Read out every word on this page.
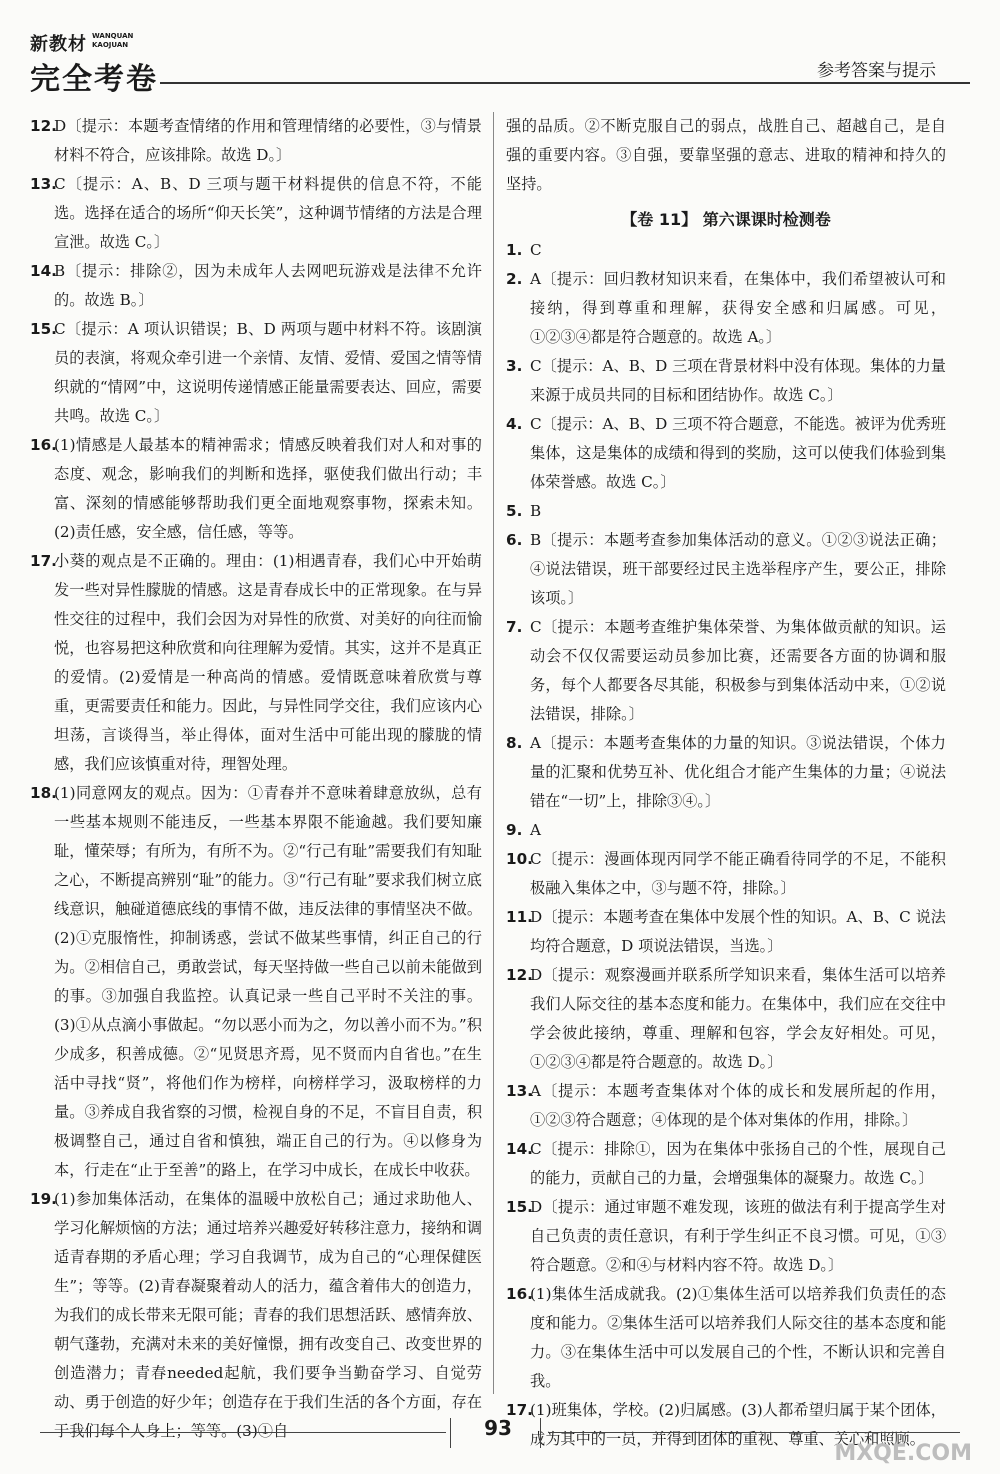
新教材 WANQUAN KAOJUAN
完全考卷	参考答案与提示
12.
D〔提示：本题考查情绪的作用和管理情绪的必要性，③与情景材料不符合，应该排除。故选 D。〕
13.
C〔提示：A、B、D 三项与题干材料提供的信息不符，不能选。选择在适合的场所“仰天长笑”，这种调节情绪的方法是合理宣泄。故选 C。〕
14.
B〔提示：排除②，因为未成年人去网吧玩游戏是法律不允许的。故选 B。〕
15.
C〔提示：A 项认识错误；B、D 两项与题中材料不符。该剧演员的表演，将观众牵引进一个亲情、友情、爱情、爱国之情等情织就的“情网”中，这说明传递情感正能量需要表达、回应，需要共鸣。故选 C。〕
16.
(1)情感是人最基本的精神需求；情感反映着我们对人和对事的态度、观念，影响我们的判断和选择，驱使我们做出行动；丰富、深刻的情感能够帮助我们更全面地观察事物，探索未知。(2)责任感，安全感，信任感，等等。
17.
小葵的观点是不正确的。理由：(1)相遇青春，我们心中开始萌发一些对异性朦胧的情感。这是青春成长中的正常现象。在与异性交往的过程中，我们会因为对异性的欣赏、对美好的向往而愉悦，也容易把这种欣赏和向往理解为爱情。其实，这并不是真正的爱情。(2)爱情是一种高尚的情感。爱情既意味着欣赏与尊重，更需要责任和能力。因此，与异性同学交往，我们应该内心坦荡，言谈得当，举止得体，面对生活中可能出现的朦胧的情感，我们应该慎重对待，理智处理。
18.
(1)同意网友的观点。因为：①青春并不意味着肆意放纵，总有一些基本规则不能违反，一些基本界限不能逾越。我们要知廉耻，懂荣辱；有所为，有所不为。②“行己有耻”需要我们有知耻之心，不断提高辨别“耻”的能力。③“行己有耻”要求我们树立底线意识，触碰道德底线的事情不做，违反法律的事情坚决不做。(2)①克服惰性，抑制诱惑，尝试不做某些事情，纠正自己的行为。②相信自己，勇敢尝试，每天坚持做一些自己以前未能做到的事。③加强自我监控。认真记录一些自己平时不关注的事。(3)①从点滴小事做起。“勿以恶小而为之，勿以善小而不为。”积少成多，积善成德。②“见贤思齐焉，见不贤而内自省也。”在生活中寻找“贤”，将他们作为榜样，向榜样学习，汲取榜样的力量。③养成自我省察的习惯，检视自身的不足，不盲目自责，积极调整自己，通过自省和慎独，端正自己的行为。④以修身为本，行走在“止于至善”的路上，在学习中成长，在成长中收获。
19.
(1)参加集体活动，在集体的温暖中放松自己；通过求助他人、学习化解烦恼的方法；通过培养兴趣爱好转移注意力，接纳和调适青春期的矛盾心理；学习自我调节，成为自己的“心理保健医生”；等等。(2)青春凝聚着动人的活力，蕴含着伟大的创造力，为我们的成长带来无限可能；青春的我们思想活跃、感情奔放、朝气蓬勃，充满对未来的美好憧憬，拥有改变自己、改变世界的创造潜力；青春needed起航，我们要争当勤奋学习、自觉劳动、勇于创造的好少年；创造存在于我们生活的各个方面，存在于我们每个人身上；等等。(3)①自
强的品质。②不断克服自己的弱点，战胜自己、超越自己，是自强的重要内容。③自强，要靠坚强的意志、进取的精神和持久的坚持。
【卷 11】 第六课课时检测卷
1. C
2. A〔提示：回归教材知识来看，在集体中，我们希望被认可和接纳，得到尊重和理解，获得安全感和归属感。可见，①②③④都是符合题意的。故选 A。〕
3. C〔提示：A、B、D 三项在背景材料中没有体现。集体的力量来源于成员共同的目标和团结协作。故选 C。〕
4. C〔提示：A、B、D 三项不符合题意，不能选。被评为优秀班集体，这是集体的成绩和得到的奖励，这可以使我们体验到集体荣誉感。故选 C。〕
5. B
6. B〔提示：本题考查参加集体活动的意义。①②③说法正确；④说法错误，班干部要经过民主选举程序产生，要公正，排除该项。〕
7. C〔提示：本题考查维护集体荣誉、为集体做贡献的知识。运动会不仅仅需要运动员参加比赛，还需要各方面的协调和服务，每个人都要各尽其能，积极参与到集体活动中来，①②说法错误，排除。〕
8. A〔提示：本题考查集体的力量的知识。③说法错误，个体力量的汇聚和优势互补、优化组合才能产生集体的力量；④说法错在“一切”上，排除③④。〕
9. A
10.
C〔提示：漫画体现丙同学不能正确看待同学的不足，不能积极融入集体之中，③与题不符，排除。〕
11.
D〔提示：本题考查在集体中发展个性的知识。A、B、C 说法均符合题意，D 项说法错误，当选。〕
12.
D〔提示：观察漫画并联系所学知识来看，集体生活可以培养我们人际交往的基本态度和能力。在集体中，我们应在交往中学会彼此接纳，尊重、理解和包容，学会友好相处。可见，①②③④都是符合题意的。故选 D。〕
13.
A〔提示：本题考查集体对个体的成长和发展所起的作用，①②③符合题意；④体现的是个体对集体的作用，排除。〕
14.
C〔提示：排除①，因为在集体中张扬自己的个性，展现自己的能力，贡献自己的力量，会增强集体的凝聚力。故选 C。〕
15.
D〔提示：通过审题不难发现，该班的做法有利于提高学生对自己负责的责任意识，有利于学生纠正不良习惯。可见，①③符合题意。②和④与材料内容不符。故选 D。〕
16.
(1)集体生活成就我。(2)①集体生活可以培养我们负责任的态度和能力。②集体生活可以培养我们人际交往的基本态度和能力。③在集体生活中可以发展自己的个性，不断认识和完善自我。
17.
(1)班集体，学校。(2)归属感。(3)人都希望归属于某个团体，成为其中的一员，并得到团体的重视、尊重、关心和照顾。
93
MXQE.COM
